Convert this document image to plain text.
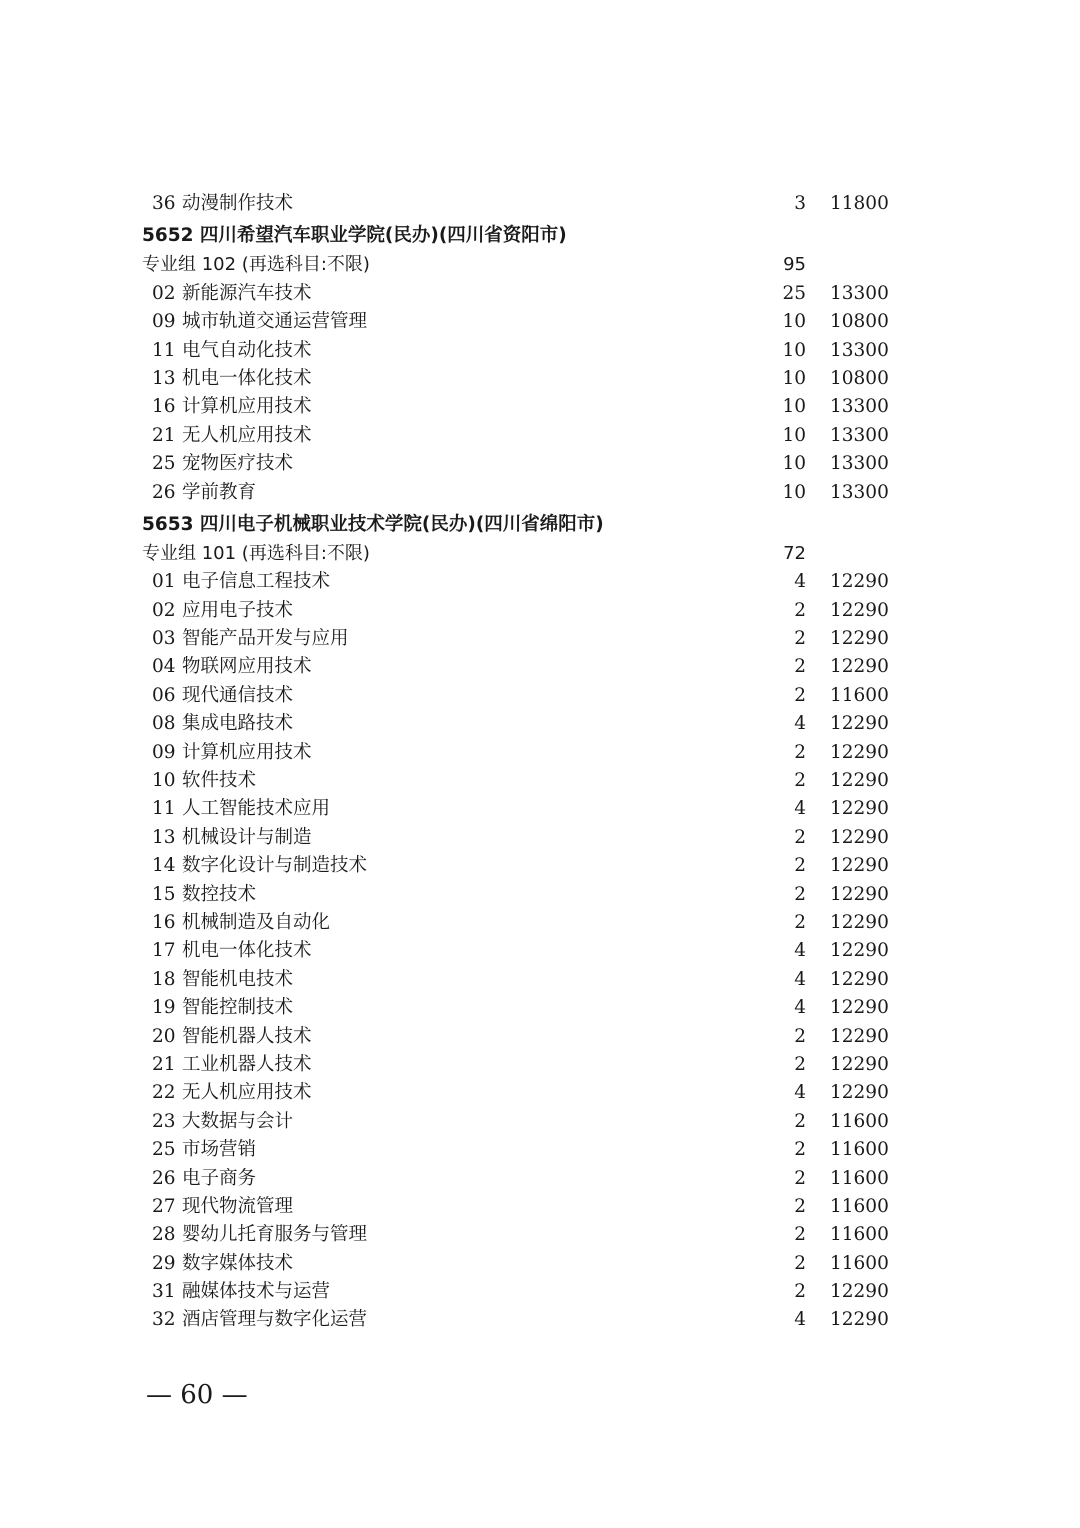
36 动漫制作技术	3 11800
5652 四川希望汽车职业学院(民办)(四川省资阳市)
专业组 102 (再选科目:不限)	95
02 新能源汽车技术	25 13300
09 城市轨道交通运营管理	10 10800
11 电气自动化技术	10 13300
13 机电一体化技术	10 10800
16 计算机应用技术	10 13300
21 无人机应用技术	10 13300
25 宠物医疗技术	10 13300
26 学前教育	10 13300
5653 四川电子机械职业技术学院(民办)(四川省绵阳市)
专业组 101 (再选科目:不限)	72
01 电子信息工程技术	4 12290
02 应用电子技术	2 12290
03 智能产品开发与应用	2 12290
04 物联网应用技术	2 12290
06 现代通信技术	2 11600
08 集成电路技术	4 12290
09 计算机应用技术	2 12290
10 软件技术	2 12290
11 人工智能技术应用	4 12290
13 机械设计与制造	2 12290
14 数字化设计与制造技术	2 12290
15 数控技术	2 12290
16 机械制造及自动化	2 12290
17 机电一体化技术	4 12290
18 智能机电技术	4 12290
19 智能控制技术	4 12290
20 智能机器人技术	2 12290
21 工业机器人技术	2 12290
22 无人机应用技术	4 12290
23 大数据与会计	2 11600
25 市场营销	2 11600
26 电子商务	2 11600
27 现代物流管理	2 11600
28 婴幼儿托育服务与管理	2 11600
29 数字媒体技术	2 11600
31 融媒体技术与运营	2 12290
32 酒店管理与数字化运营	4 12290
— 60 —
